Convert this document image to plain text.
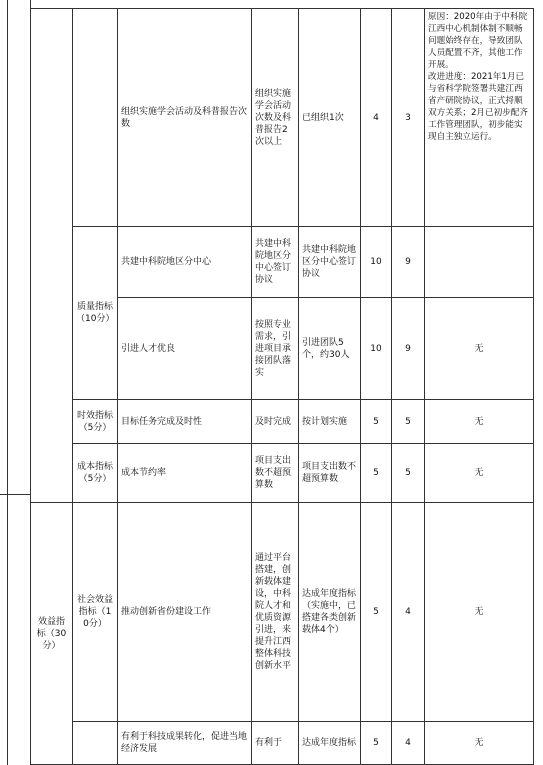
		组织实施学会活动及科普报告次数	组织实施学会活动次数及科普报告2次以上	已组织1次	4	3	原因：2020年由于中科院江西中心机制体制不顺畅问题始终存在，导致团队人员配置不齐，其他工作开展。
改进进度：2021年1月已与省科学院签署共建江西省产研院协议，正式捋顺双方关系；2月已初步配齐工作管理团队，初步能实现自主独立运行。

	质量指标（10分）	共建中科院地区分中心	共建中科院地区分中心签订协议	共建中科院地区分中心签订协议	10	9	
		引进人才优良	按照专业需求，引进项目承接团队落实	引进团队5个，约30人	10	9	无
	时效指标（5分）	目标任务完成及时性	及时完成	按计划实施	5	5	无
	成本指标（5分）	成本节约率	项目支出数不超预算数	项目支出数不超预算数	5	5	无
效益指标（30分）	社会效益指标（10分）	推动创新省份建设工作	通过平台搭建，创新载体建设，中科院人才和优质资源引进，来提升江西整体科技创新水平	达成年度指标（实施中，已搭建各类创新载体4个）	5	4	无
		有利于科技成果转化，促进当地经济发展	有利于	达成年度指标	5	4	无
